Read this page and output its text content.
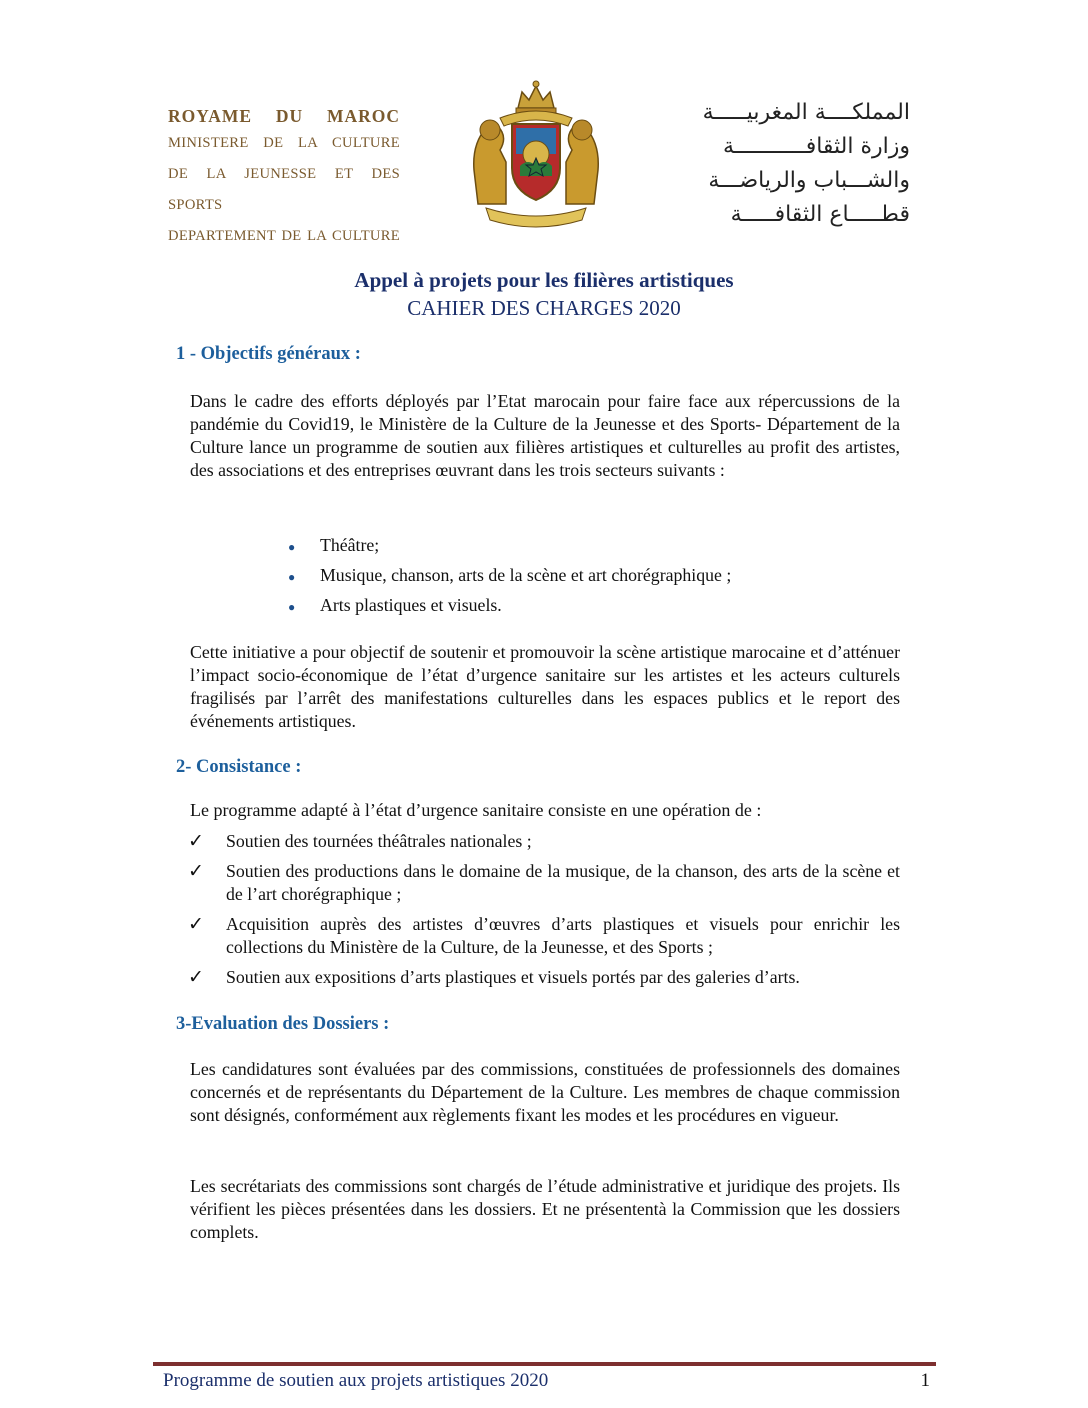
ROYAME DU MAROC
MINISTERE DE LA CULTURE
DE LA JEUNESSE ET DES SPORTS
DEPARTEMENT DE LA CULTURE
المملكــــة المغربيـــــة
وزارة الثقافـــــــــــة
والشـــباب والرياضـــة
قطـــــاع الثقافـــــة
Appel à projets pour les filières artistiques
CAHIER DES CHARGES 2020

1 - Objectifs généraux :

Dans le cadre des efforts déployés par l’Etat marocain pour faire face aux répercussions de la pandémie du Covid19, le Ministère de la Culture de la Jeunesse et des Sports- Département de la Culture lance un programme de soutien aux filières artistiques et culturelles au profit des artistes, des associations et des entreprises œuvrant dans les trois secteurs suivants :

● Théâtre;
● Musique, chanson, arts de la scène et art chorégraphique ;
● Arts plastiques et visuels.

Cette initiative a pour objectif de soutenir et promouvoir la scène artistique marocaine et d’atténuer l’impact socio-économique de l’état d’urgence sanitaire sur les artistes et les acteurs culturels fragilisés par l’arrêt des manifestations culturelles dans les espaces publics et le report des événements artistiques.

2- Consistance :

Le programme adapté à l’état d’urgence sanitaire consiste en une opération de :

✓ Soutien des tournées théâtrales nationales ;
✓ Soutien des productions dans le domaine de la musique, de la chanson, des arts de la scène et de l’art chorégraphique ;
✓ Acquisition auprès des artistes d’œuvres d’arts plastiques et visuels pour enrichir les collections du Ministère de la Culture, de la Jeunesse, et des Sports ;
✓ Soutien aux expositions d’arts plastiques et visuels portés par des galeries d’arts.

3-Evaluation des Dossiers :

Les candidatures sont évaluées par des commissions, constituées de professionnels des domaines concernés et de représentants du Département de la Culture. Les membres de chaque commission sont désignés, conformément aux règlements fixant les modes et les procédures en vigueur.

Les secrétariats des commissions sont chargés de l’étude administrative et juridique des projets. Ils vérifient les pièces présentées dans les dossiers. Et ne présententà la Commission que les dossiers complets.

Programme de soutien aux projets artistiques 2020	1
